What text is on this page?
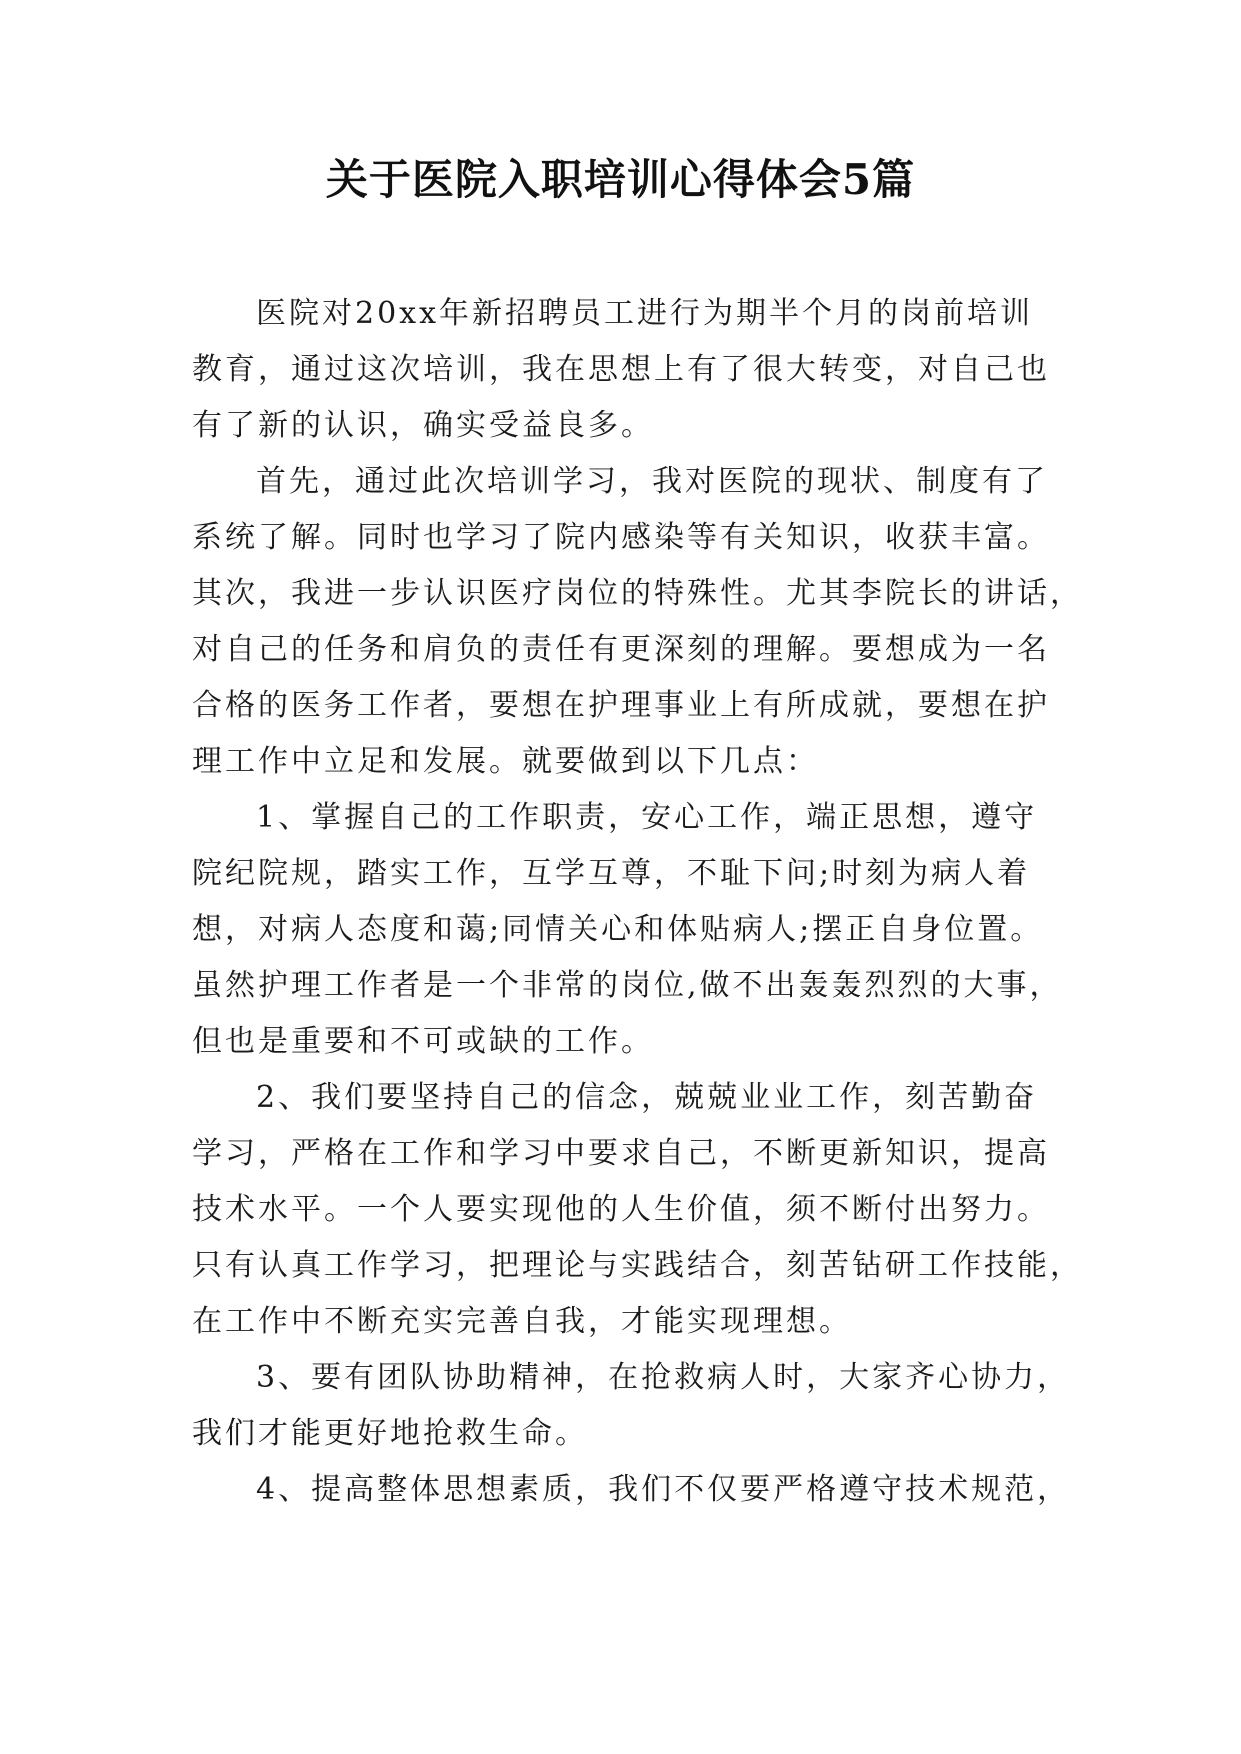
关于医院入职培训心得体会5篇

医院对20xx年新招聘员工进行为期半个月的岗前培训
教育，通过这次培训，我在思想上有了很大转变，对自己也
有了新的认识，确实受益良多。

首先，通过此次培训学习，我对医院的现状、制度有了
系统了解。同时也学习了院内感染等有关知识，收获丰富。
其次，我进一步认识医疗岗位的特殊性。尤其李院长的讲话，
对自己的任务和肩负的责任有更深刻的理解。要想成为一名
合格的医务工作者，要想在护理事业上有所成就，要想在护
理工作中立足和发展。就要做到以下几点：

1、掌握自己的工作职责，安心工作，端正思想，遵守
院纪院规，踏实工作，互学互尊，不耻下问;时刻为病人着
想，对病人态度和蔼;同情关心和体贴病人;摆正自身位置。
虽然护理工作者是一个非常的岗位,做不出轰轰烈烈的大事，
但也是重要和不可或缺的工作。

2、我们要坚持自己的信念，兢兢业业工作，刻苦勤奋
学习，严格在工作和学习中要求自己，不断更新知识，提高
技术水平。一个人要实现他的人生价值，须不断付出努力。
只有认真工作学习，把理论与实践结合，刻苦钻研工作技能，
在工作中不断充实完善自我，才能实现理想。

3、要有团队协助精神，在抢救病人时，大家齐心协力，
我们才能更好地抢救生命。

4、提高整体思想素质，我们不仅要严格遵守技术规范，
